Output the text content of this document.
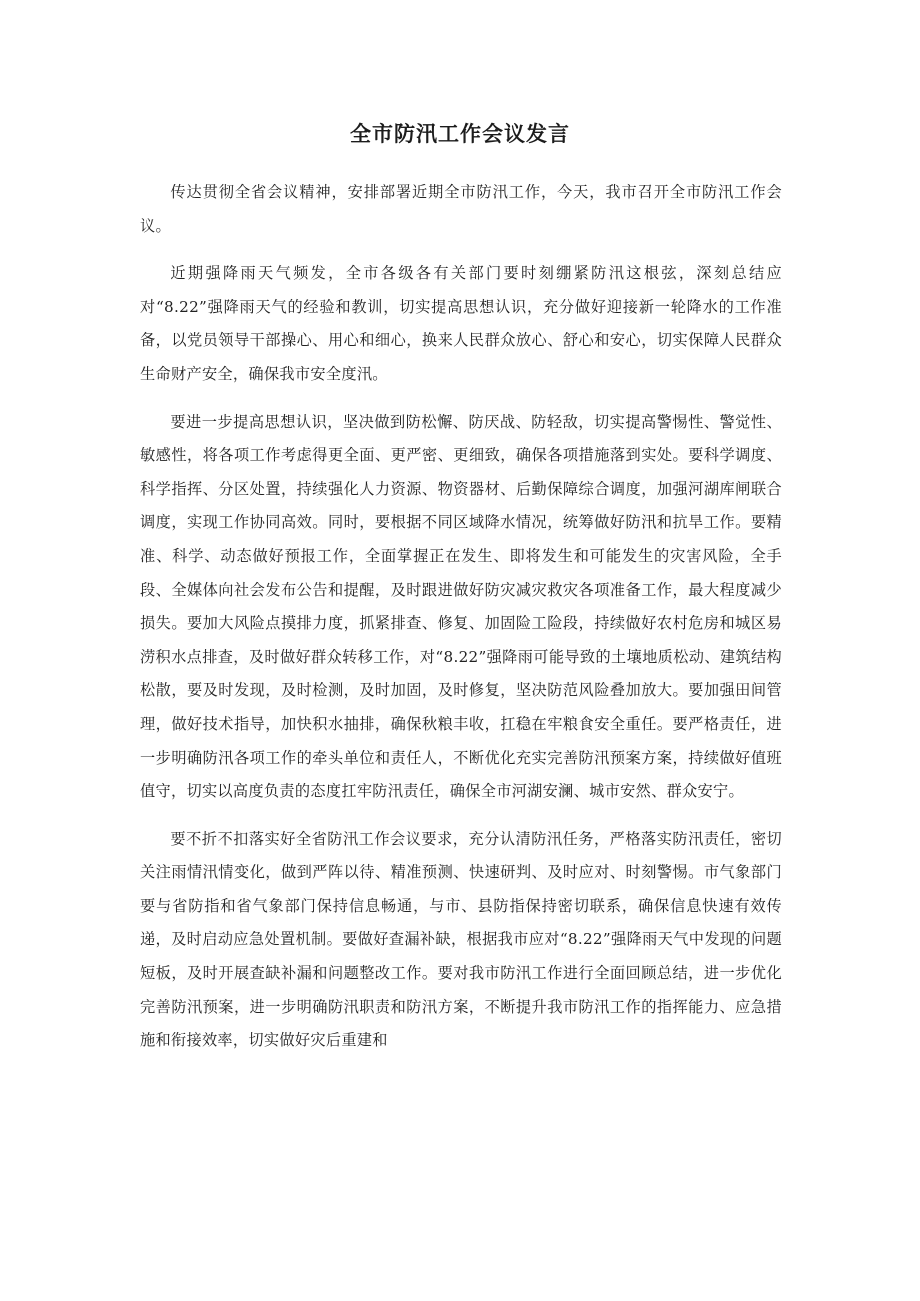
全市防汛工作会议发言

传达贯彻全省会议精神，安排部署近期全市防汛工作，今天，我市召开全市防汛工作会议。

近期强降雨天气频发，全市各级各有关部门要时刻绷紧防汛这根弦，深刻总结应对“8.22”强降雨天气的经验和教训，切实提高思想认识，充分做好迎接新一轮降水的工作准备，以党员领导干部操心、用心和细心，换来人民群众放心、舒心和安心，切实保障人民群众生命财产安全，确保我市安全度汛。

要进一步提高思想认识，坚决做到防松懈、防厌战、防轻敌，切实提高警惕性、警觉性、敏感性，将各项工作考虑得更全面、更严密、更细致，确保各项措施落到实处。要科学调度、科学指挥、分区处置，持续强化人力资源、物资器材、后勤保障综合调度，加强河湖库闸联合调度，实现工作协同高效。同时，要根据不同区域降水情况，统筹做好防汛和抗旱工作。要精准、科学、动态做好预报工作，全面掌握正在发生、即将发生和可能发生的灾害风险，全手段、全媒体向社会发布公告和提醒，及时跟进做好防灾减灾救灾各项准备工作，最大程度减少损失。要加大风险点摸排力度，抓紧排查、修复、加固险工险段，持续做好农村危房和城区易涝积水点排查，及时做好群众转移工作，对“8.22”强降雨可能导致的土壤地质松动、建筑结构松散，要及时发现，及时检测，及时加固，及时修复，坚决防范风险叠加放大。要加强田间管理，做好技术指导，加快积水抽排，确保秋粮丰收，扛稳在牢粮食安全重任。要严格责任，进一步明确防汛各项工作的牵头单位和责任人，不断优化充实完善防汛预案方案，持续做好值班值守，切实以高度负责的态度扛牢防汛责任，确保全市河湖安澜、城市安然、群众安宁。

要不折不扣落实好全省防汛工作会议要求，充分认清防汛任务，严格落实防汛责任，密切关注雨情汛情变化，做到严阵以待、精准预测、快速研判、及时应对、时刻警惕。市气象部门要与省防指和省气象部门保持信息畅通，与市、县防指保持密切联系，确保信息快速有效传递，及时启动应急处置机制。要做好查漏补缺，根据我市应对“8.22”强降雨天气中发现的问题短板，及时开展查缺补漏和问题整改工作。要对我市防汛工作进行全面回顾总结，进一步优化完善防汛预案，进一步明确防汛职责和防汛方案，不断提升我市防汛工作的指挥能力、应急措施和衔接效率，切实做好灾后重建和
